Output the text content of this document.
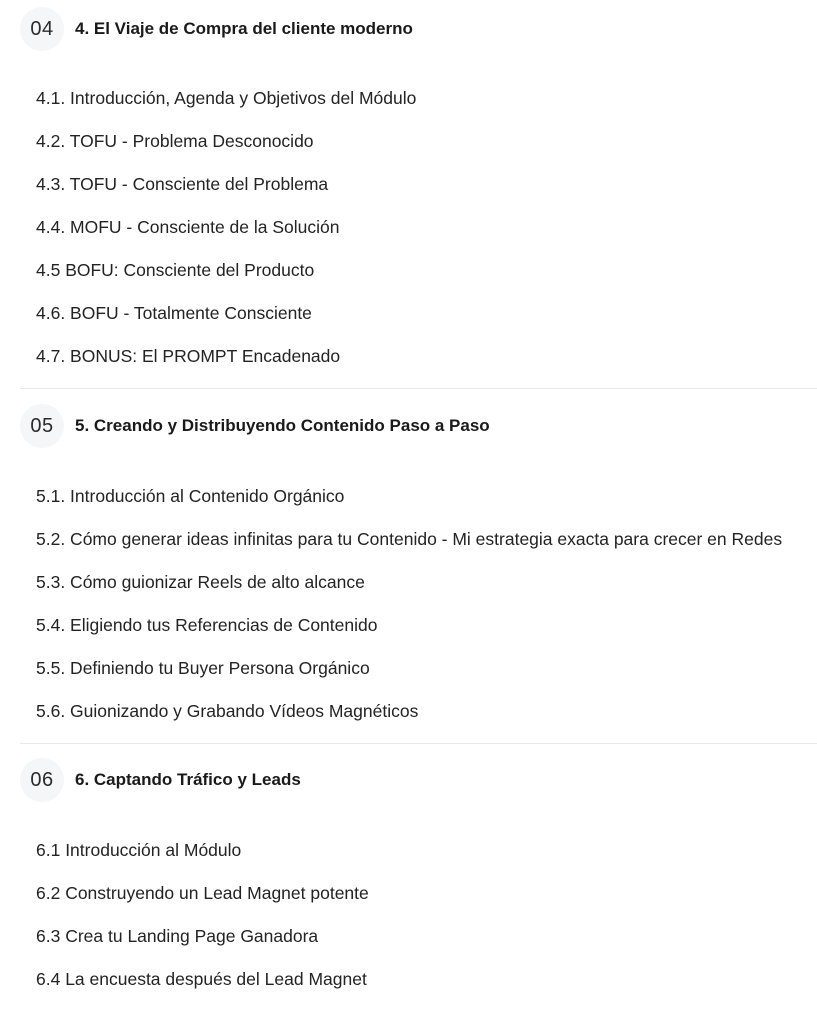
04	4. El Viaje de Compra del cliente moderno
4.1. Introducción, Agenda y Objetivos del Módulo
4.2. TOFU - Problema Desconocido
4.3. TOFU - Consciente del Problema
4.4. MOFU - Consciente de la Solución
4.5 BOFU: Consciente del Producto
4.6. BOFU - Totalmente Consciente
4.7. BONUS: El PROMPT Encadenado
05	5. Creando y Distribuyendo Contenido Paso a Paso
5.1. Introducción al Contenido Orgánico
5.2. Cómo generar ideas infinitas para tu Contenido - Mi estrategia exacta para crecer en Redes
5.3. Cómo guionizar Reels de alto alcance
5.4. Eligiendo tus Referencias de Contenido
5.5. Definiendo tu Buyer Persona Orgánico
5.6. Guionizando y Grabando Vídeos Magnéticos
06	6. Captando Tráfico y Leads
6.1 Introducción al Módulo
6.2 Construyendo un Lead Magnet potente
6.3 Crea tu Landing Page Ganadora
6.4 La encuesta después del Lead Magnet
